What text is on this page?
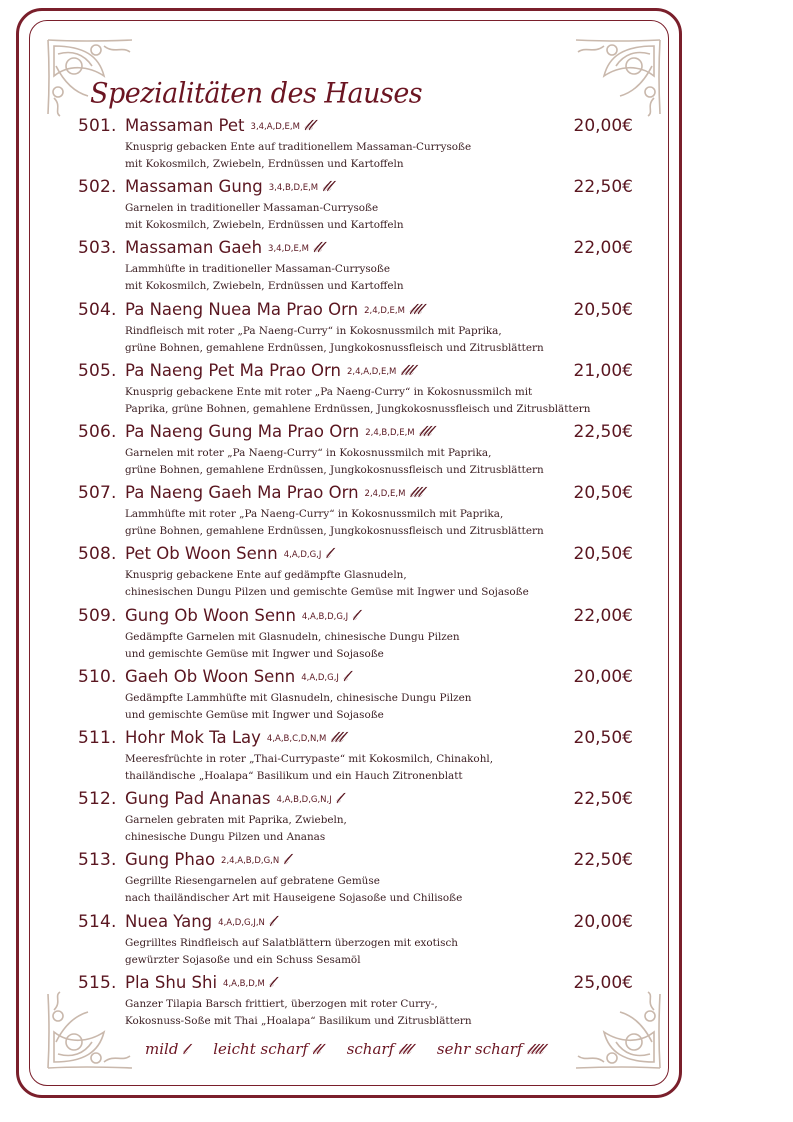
Spezialitäten des Hauses
501. Massaman Pet 3,4,A,D,E,M 𝓁𝓁	20,00€
Knusprig gebacken Ente auf traditionellem Massaman-Currysoße
mit Kokosmilch, Zwiebeln, Erdnüssen und Kartoffeln
502. Massaman Gung 3,4,B,D,E,M 𝓁𝓁	22,50€
Garnelen in traditioneller Massaman-Currysoße
mit Kokosmilch, Zwiebeln, Erdnüssen und Kartoffeln
503. Massaman Gaeh 3,4,D,E,M 𝓁𝓁	22,00€
Lammhüfte in traditioneller Massaman-Currysoße
mit Kokosmilch, Zwiebeln, Erdnüssen und Kartoffeln
504. Pa Naeng Nuea Ma Prao Orn 2,4,D,E,M 𝓁𝓁𝓁	20,50€
Rindfleisch mit roter „Pa Naeng-Curry“ in Kokosnussmilch mit Paprika,
grüne Bohnen, gemahlene Erdnüssen, Jungkokosnussfleisch und Zitrusblättern
505. Pa Naeng Pet Ma Prao Orn 2,4,A,D,E,M 𝓁𝓁𝓁	21,00€
Knusprig gebackene Ente mit roter „Pa Naeng-Curry“ in Kokosnussmilch mit
Paprika, grüne Bohnen, gemahlene Erdnüssen, Jungkokosnussfleisch und Zitrusblättern
506. Pa Naeng Gung Ma Prao Orn 2,4,B,D,E,M 𝓁𝓁𝓁	22,50€
Garnelen mit roter „Pa Naeng-Curry“ in Kokosnussmilch mit Paprika,
grüne Bohnen, gemahlene Erdnüssen, Jungkokosnussfleisch und Zitrusblättern
507. Pa Naeng Gaeh Ma Prao Orn 2,4,D,E,M 𝓁𝓁𝓁	20,50€
Lammhüfte mit roter „Pa Naeng-Curry“ in Kokosnussmilch mit Paprika,
grüne Bohnen, gemahlene Erdnüssen, Jungkokosnussfleisch und Zitrusblättern
508. Pet Ob Woon Senn 4,A,D,G,J 𝓁	20,50€
Knusprig gebackene Ente auf gedämpfte Glasnudeln,
chinesischen Dungu Pilzen und gemischte Gemüse mit Ingwer und Sojasoße
509. Gung Ob Woon Senn 4,A,B,D,G,J 𝓁	22,00€
Gedämpfte Garnelen mit Glasnudeln, chinesische Dungu Pilzen
und gemischte Gemüse mit Ingwer und Sojasoße
510. Gaeh Ob Woon Senn 4,A,D,G,J 𝓁	20,00€
Gedämpfte Lammhüfte mit Glasnudeln, chinesische Dungu Pilzen
und gemischte Gemüse mit Ingwer und Sojasoße
511. Hohr Mok Ta Lay 4,A,B,C,D,N,M 𝓁𝓁𝓁	20,50€
Meeresfrüchte in roter „Thai-Currypaste“ mit Kokosmilch, Chinakohl,
thailändische „Hoalapa“ Basilikum und ein Hauch Zitronenblatt
512. Gung Pad Ananas 4,A,B,D,G,N,J 𝓁	22,50€
Garnelen gebraten mit Paprika, Zwiebeln,
chinesische Dungu Pilzen und Ananas
513. Gung Phao 2,4,A,B,D,G,N 𝓁	22,50€
Gegrillte Riesengarnelen auf gebratene Gemüse
nach thailändischer Art mit Hauseigene Sojasoße und Chilisoße
514. Nuea Yang 4,A,D,G,J,N 𝓁	20,00€
Gegrilltes Rindfleisch auf Salatblättern überzogen mit exotisch
gewürzter Sojasoße und ein Schuss Sesamöl
515. Pla Shu Shi 4,A,B,D,M 𝓁	25,00€
Ganzer Tilapia Barsch frittiert, überzogen mit roter Curry-,
Kokosnuss-Soße mit Thai „Hoalapa“ Basilikum und Zitrusblättern
mild 𝓁 leicht scharf 𝓁𝓁 scharf 𝓁𝓁𝓁 sehr scharf 𝓁𝓁𝓁𝓁
